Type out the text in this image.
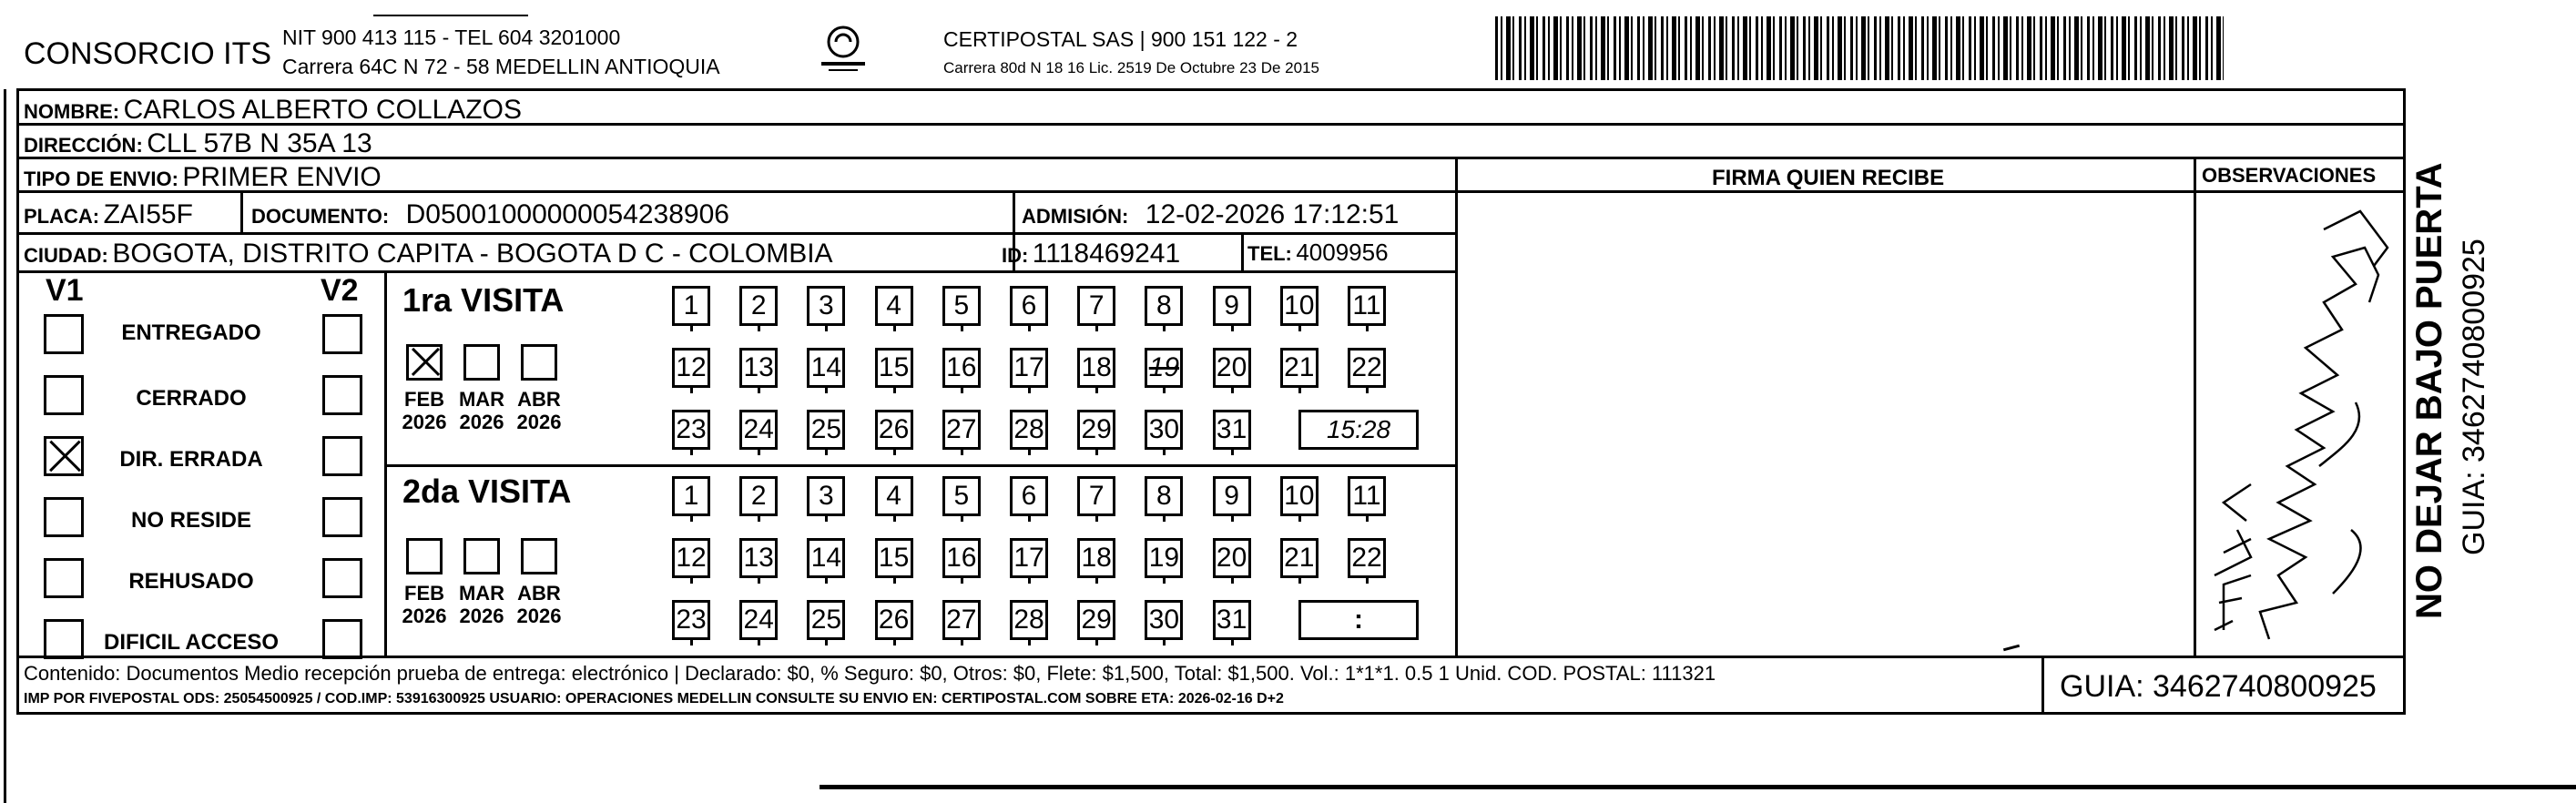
CONSORCIO ITS NIT 900 413 115 - TEL 604 3201000
Carrera 64C N 72 - 58 MEDELLIN ANTIOQUIA
CERTIPOSTAL SAS | 900 151 122 - 2
Carrera 80d N 18 16 Lic. 2519 De Octubre 23 De 2015
NOMBRE: CARLOS ALBERTO COLLAZOS
DIRECCIÓN: CLL 57B N 35A 13
TIPO DE ENVIO: PRIMER ENVIO	FIRMA QUIEN RECIBE	OBSERVACIONES
PLACA: ZAI55F	DOCUMENTO: D05001000000054238906	ADMISIÓN: 12-02-2026 17:12:51
CIUDAD: BOGOTA, DISTRITO CAPITA - BOGOTA D C - COLOMBIA	ID: 1118469241	TEL: 4009956
V1	V2
ENTREGADO
CERRADO
DIR. ERRADA
NO RESIDE
REHUSADO
DIFICIL ACCESO
1ra VISITA
2da VISITA
FEB
2026
MAR
2026
ABR
2026
FEB
2026
MAR
2026
ABR
2026
1	2	3	4	5	6	7	8	9	10 11
12 13 14 15 16 17 18 19 20 21 22
23 24 25 26 27 28 29 30 31
1	2	3	4	5	6	7	8	9	10 11
12 13 14 15 16 17 18 19 20 21 22
23 24 25 26 27 28 29 30 31
15:28
:
Contenido: Documentos Medio recepción prueba de entrega: electrónico | Declarado: $0, % Seguro: $0, Otros: $0, Flete: $1,500, Total: $1,500. Vol.: 1*1*1. 0.5 1 Unid. COD. POSTAL: 111321
IMP POR FIVEPOSTAL ODS: 25054500925 / COD.IMP: 53916300925 USUARIO: OPERACIONES MEDELLIN CONSULTE SU ENVIO EN: CERTIPOSTAL.COM SOBRE ETA: 2026-02-16 D+2	GUIA: 3462740800925
NO DEJAR BAJO PUERTA GUIA: 3462740800925
